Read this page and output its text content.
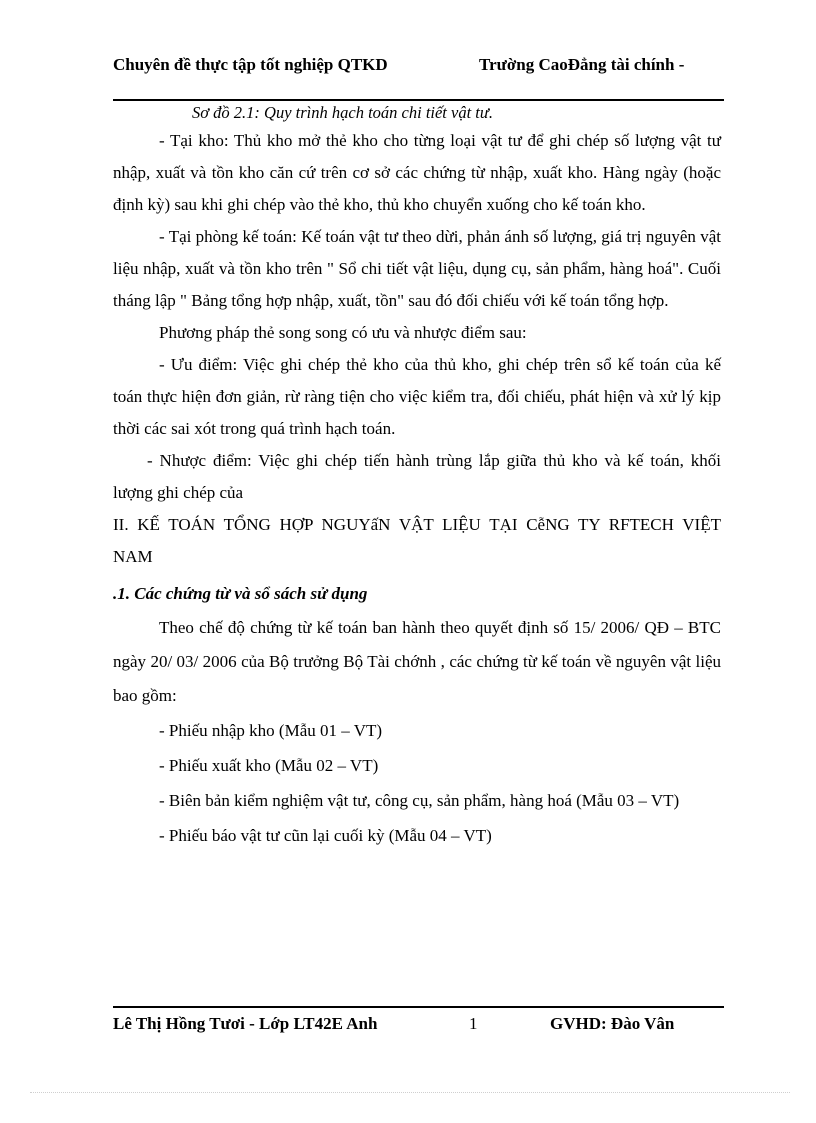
Chuyên đề thực tập tốt nghiệp QTKD	Trường CaoĐẳng tài chính -
Sơ đồ 2.1: Quy trình hạch toán chi tiết vật tư.

- Tại kho: Thủ kho mở thẻ kho cho từng loại vật tư để ghi chép số lượng vật tư nhập, xuất và tồn kho căn cứ trên cơ sở các chứng từ nhập, xuất kho. Hàng ngày (hoặc định kỳ) sau khi ghi chép vào thẻ kho, thủ kho chuyển xuống cho kế toán kho.

- Tại phòng kế toán: Kế toán vật tư theo dừi, phản ánh số lượng, giá trị nguyên vật liệu nhập, xuất và tồn kho trên " Sổ chi tiết vật liệu, dụng cụ, sản phẩm, hàng hoá". Cuối tháng lập " Bảng tổng hợp nhập, xuất, tồn" sau đó đối chiếu với kế toán tổng hợp.

Phương pháp thẻ song song có ưu và nhược điểm sau:

- Ưu điểm: Việc ghi chép thẻ kho của thủ kho, ghi chép trên sổ kế toán của kế toán thực hiện đơn giản, rừ ràng tiện cho việc kiểm tra, đối chiếu, phát hiện và xử lý kịp thời các sai xót trong quá trình hạch toán.

- Nhược điểm: Việc ghi chép tiến hành trùng lắp giữa thủ kho và kế toán, khối lượng ghi chép của

II. KẾ TOÁN TỔNG HỢP NGUYấN VẬT LIỆU TẠI CễNG TY RFTECH VIỆT
NAM
.1. Các chứng từ và sổ sách sử dụng

Theo chế độ chứng từ kế toán ban hành theo quyết định số 15/ 2006/ QĐ – BTC ngày 20/ 03/ 2006 của Bộ trưởng Bộ Tài chớnh , các chứng từ kế toán về nguyên vật liệu bao gồm:

- Phiếu nhập kho (Mẫu 01 – VT)

- Phiếu xuất kho (Mẫu 02 – VT)

- Biên bản kiểm nghiệm vật tư, công cụ, sản phẩm, hàng hoá (Mẫu 03 – VT)

- Phiếu báo vật tư cũn lại cuối kỳ (Mẫu 04 – VT)

Lê Thị Hồng Tươi - Lớp LT42E Anh	1	GVHD: Đào Vân
